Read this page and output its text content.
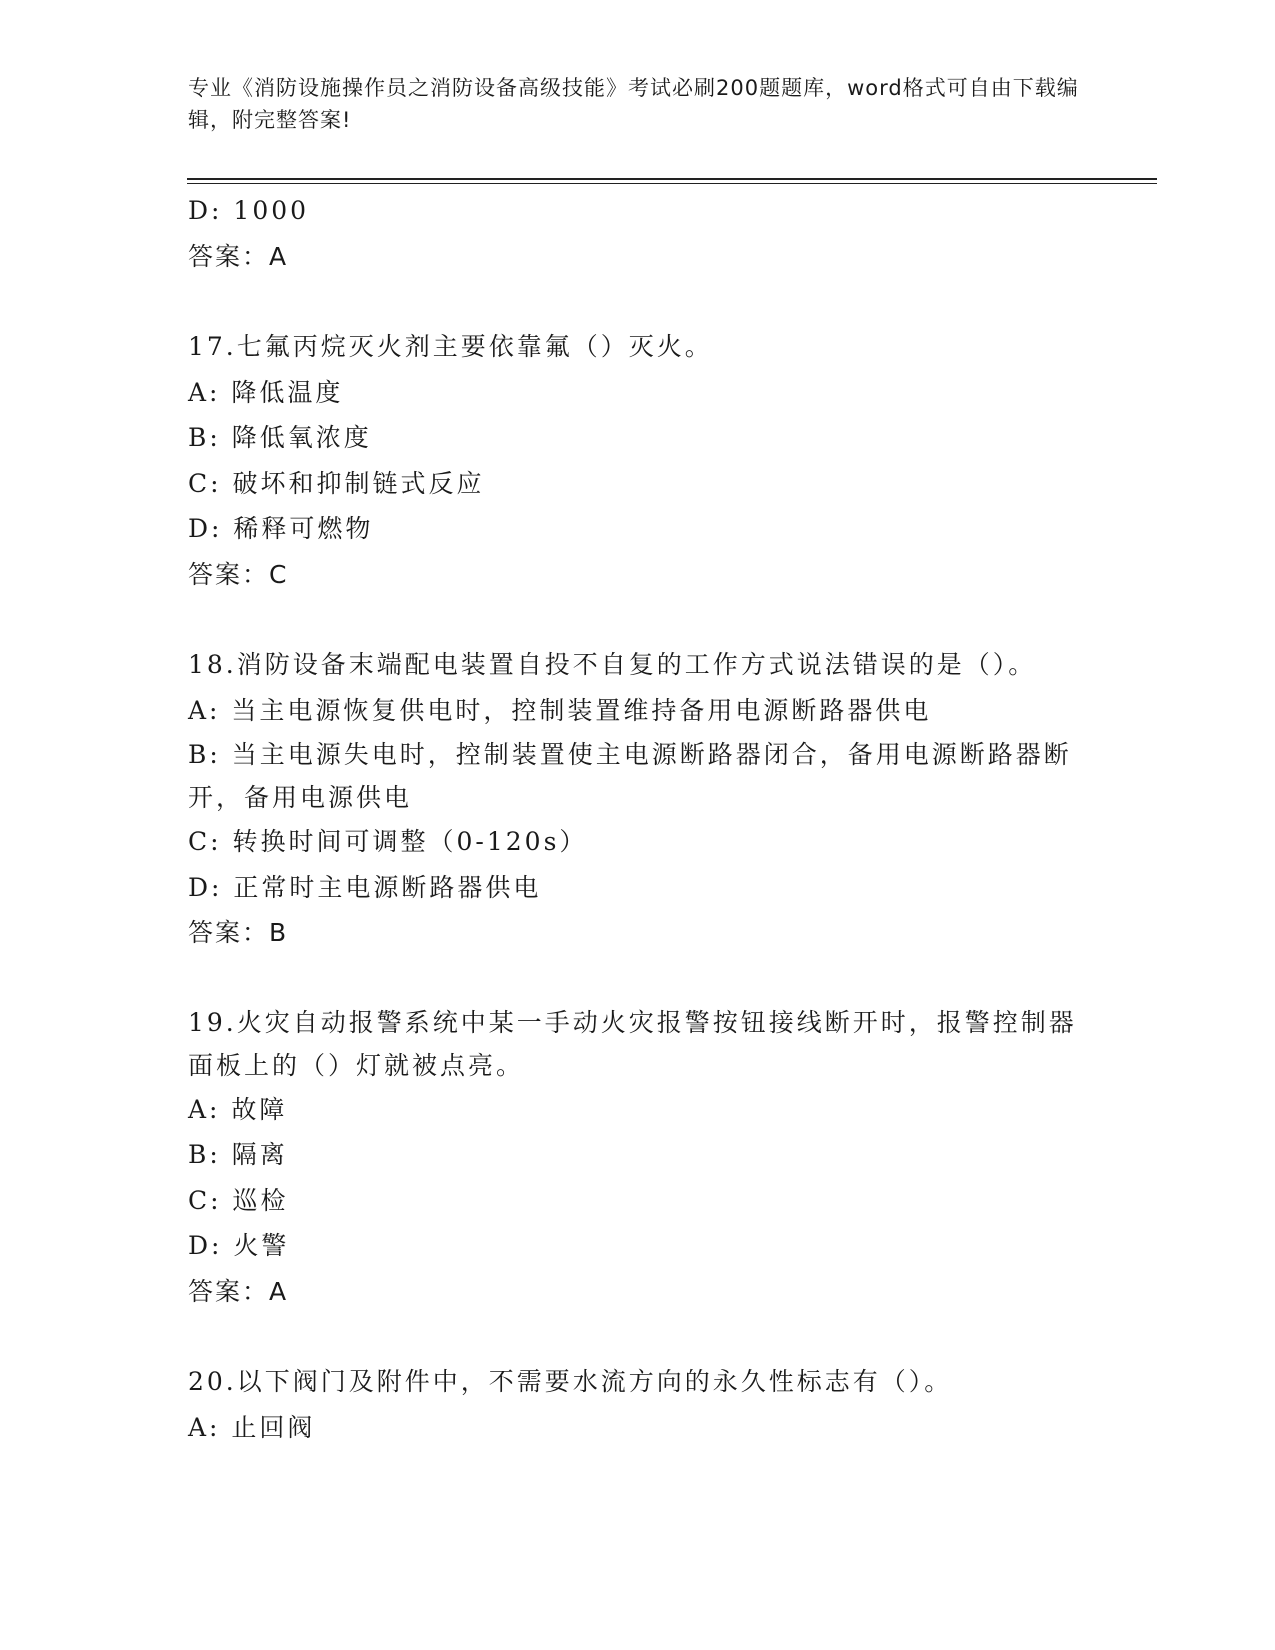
专业《消防设施操作员之消防设备高级技能》考试必刷200题题库，word格式可自由下载编辑，附完整答案!
D: 1000
答案：A
17.七氟丙烷灭火剂主要依靠氟（）灭火。
A: 降低温度
B: 降低氧浓度
C: 破坏和抑制链式反应
D: 稀释可燃物
答案：C
18.消防设备末端配电装置自投不自复的工作方式说法错误的是（）。
A: 当主电源恢复供电时，控制装置维持备用电源断路器供电
B: 当主电源失电时，控制装置使主电源断路器闭合，备用电源断路器断开，备用电源供电
C: 转换时间可调整（0-120s）
D: 正常时主电源断路器供电
答案：B
19.火灾自动报警系统中某一手动火灾报警按钮接线断开时，报警控制器面板上的（）灯就被点亮。
A: 故障
B: 隔离
C: 巡检
D: 火警
答案：A
20.以下阀门及附件中，不需要水流方向的永久性标志有（）。
A: 止回阀
